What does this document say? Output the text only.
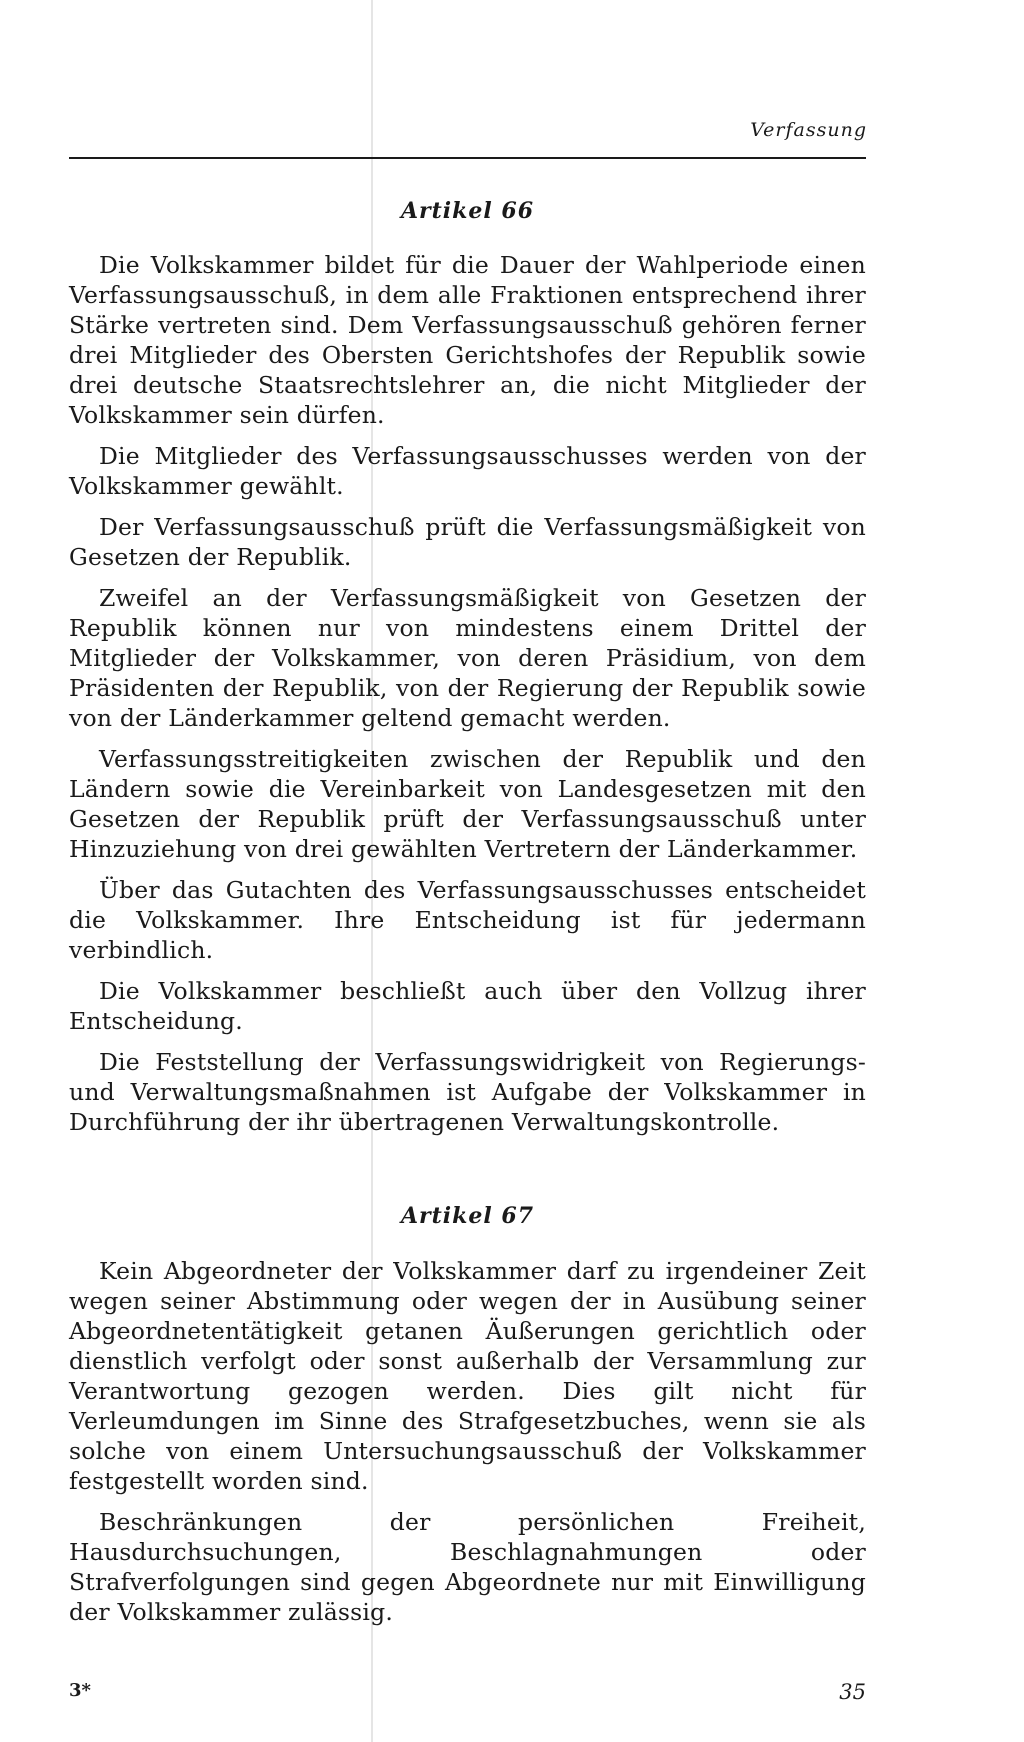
Verfassung
Artikel 66

Die Volkskammer bildet für die Dauer der Wahlperiode einen Verfassungsausschuß, in dem alle Fraktionen entsprechend ihrer Stärke vertreten sind. Dem Verfassungsausschuß gehören ferner drei Mitglieder des Obersten Gerichtshofes der Republik sowie drei deutsche Staatsrechtslehrer an, die nicht Mitglieder der Volkskammer sein dürfen.

Die Mitglieder des Verfassungsausschusses werden von der Volkskammer gewählt.

Der Verfassungsausschuß prüft die Verfassungsmäßigkeit von Gesetzen der Republik.

Zweifel an der Verfassungsmäßigkeit von Gesetzen der Republik können nur von mindestens einem Drittel der Mitglieder der Volkskammer, von deren Präsidium, von dem Präsidenten der Republik, von der Regierung der Republik sowie von der Länderkammer geltend gemacht werden.

Verfassungsstreitigkeiten zwischen der Republik und den Ländern sowie die Vereinbarkeit von Landesgesetzen mit den Gesetzen der Republik prüft der Verfassungsausschuß unter Hinzuziehung von drei gewählten Vertretern der Länderkammer.

Über das Gutachten des Verfassungsausschusses entscheidet die Volkskammer. Ihre Entscheidung ist für jedermann verbindlich.

Die Volkskammer beschließt auch über den Vollzug ihrer Entscheidung.

Die Feststellung der Verfassungswidrigkeit von Regierungs- und Verwaltungsmaßnahmen ist Aufgabe der Volkskammer in Durchführung der ihr übertragenen Verwaltungskontrolle.

Artikel 67

Kein Abgeordneter der Volkskammer darf zu irgendeiner Zeit wegen seiner Abstimmung oder wegen der in Ausübung seiner Abgeordnetentätigkeit getanen Äußerungen gerichtlich oder dienstlich verfolgt oder sonst außerhalb der Versammlung zur Verantwortung gezogen werden. Dies gilt nicht für Verleumdungen im Sinne des Strafgesetzbuches, wenn sie als solche von einem Untersuchungsausschuß der Volkskammer festgestellt worden sind.

Beschränkungen der persönlichen Freiheit, Hausdurchsuchungen, Beschlagnahmungen oder Strafverfolgungen sind gegen Abgeordnete nur mit Einwilligung der Volkskammer zulässig.

3*	35
